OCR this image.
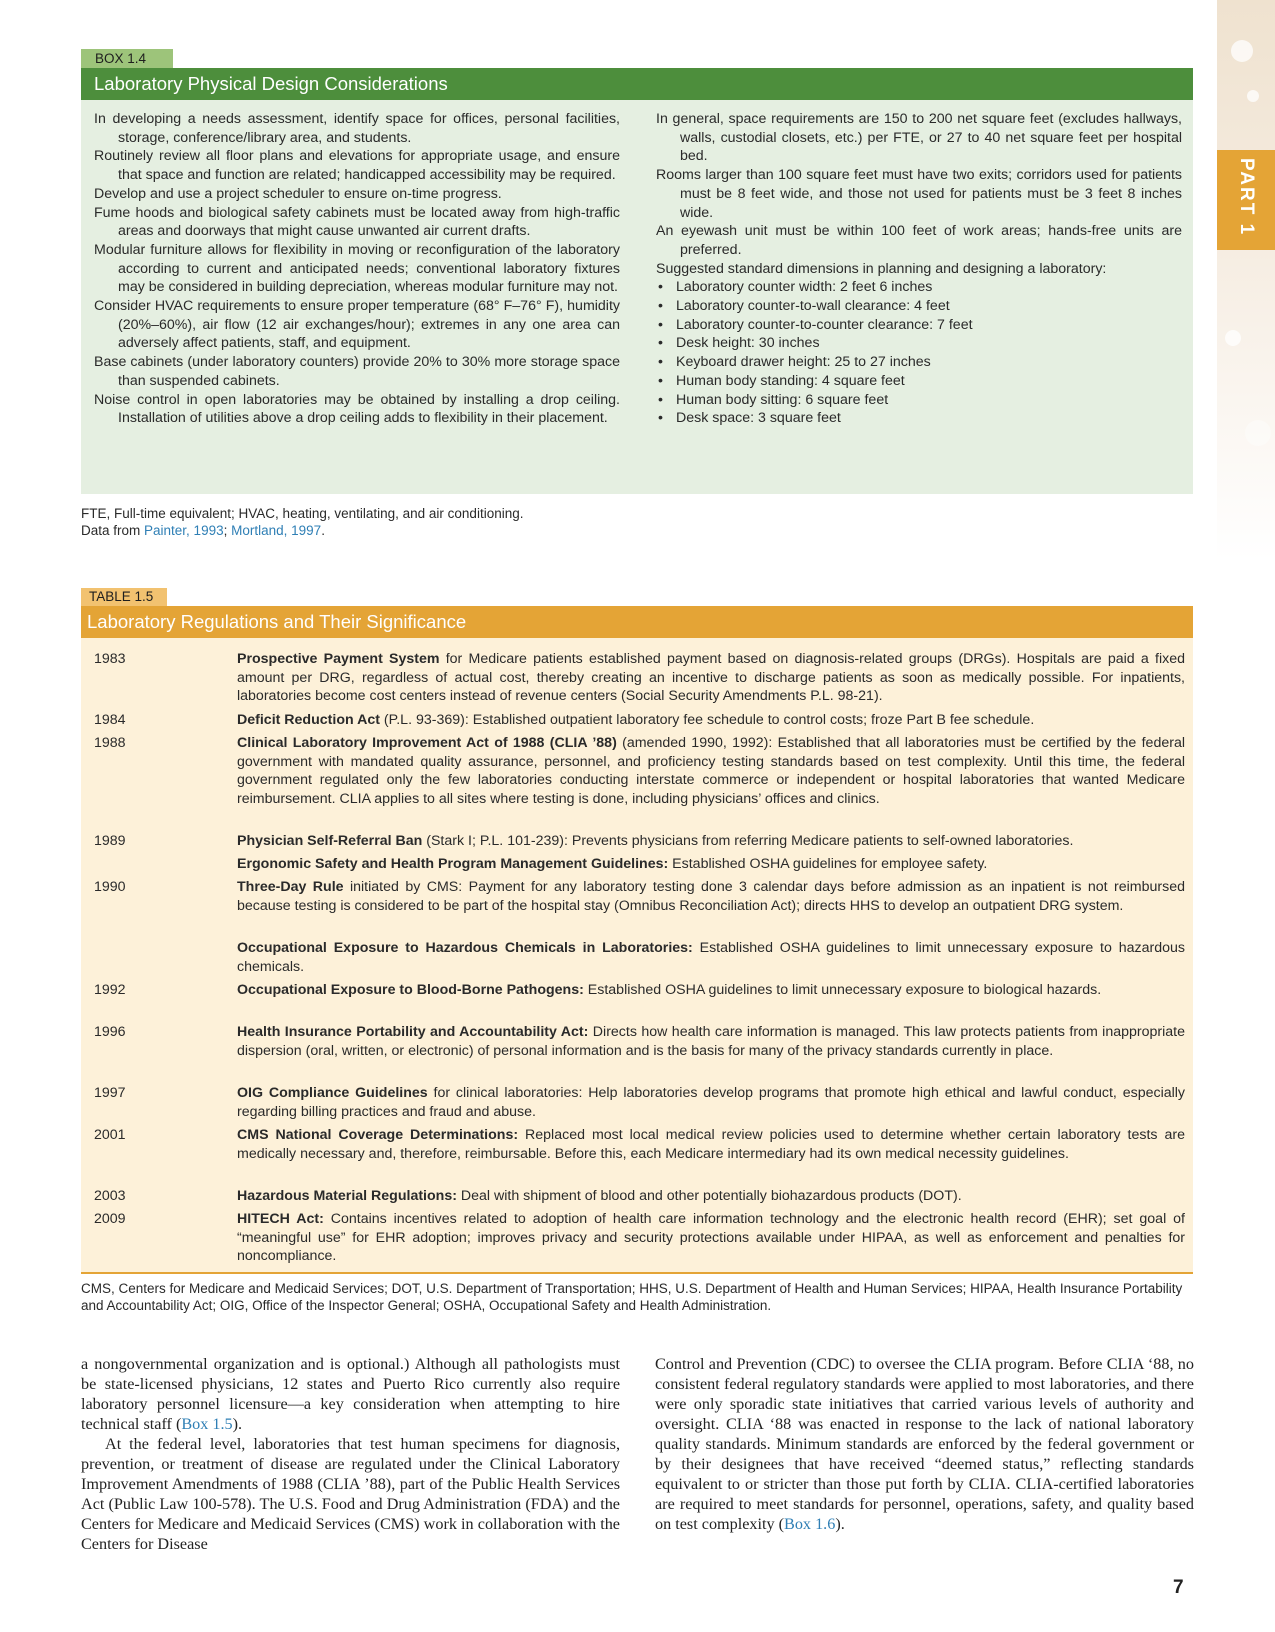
PART 1
BOX 1.4
Laboratory Physical Design Considerations

In developing a needs assessment, identify space for offices, personal facilities, storage, conference/library area, and students.

Routinely review all floor plans and elevations for appropriate usage, and ensure that space and function are related; handicapped accessibility may be required.

Develop and use a project scheduler to ensure on-time progress.

Fume hoods and biological safety cabinets must be located away from high-traffic areas and doorways that might cause unwanted air current drafts.

Modular furniture allows for flexibility in moving or reconfiguration of the laboratory according to current and anticipated needs; conventional laboratory fixtures may be considered in building depreciation, whereas modular furniture may not.

Consider HVAC requirements to ensure proper temperature (68° F–76° F), humidity (20%–60%), air flow (12 air exchanges/hour); extremes in any one area can adversely affect patients, staff, and equipment.

Base cabinets (under laboratory counters) provide 20% to 30% more storage space than suspended cabinets.

Noise control in open laboratories may be obtained by installing a drop ceiling. Installation of utilities above a drop ceiling adds to flexibility in their placement.

In general, space requirements are 150 to 200 net square feet (excludes hallways, walls, custodial closets, etc.) per FTE, or 27 to 40 net square feet per hospital bed.

Rooms larger than 100 square feet must have two exits; corridors used for patients must be 8 feet wide, and those not used for patients must be 3 feet 8 inches wide.

An eyewash unit must be within 100 feet of work areas; hands-free units are preferred.

Suggested standard dimensions in planning and designing a laboratory:

• Laboratory counter width: 2 feet 6 inches

• Laboratory counter-to-wall clearance: 4 feet

• Laboratory counter-to-counter clearance: 7 feet

• Desk height: 30 inches

• Keyboard drawer height: 25 to 27 inches

• Human body standing: 4 square feet

• Human body sitting: 6 square feet

• Desk space: 3 square feet

FTE, Full-time equivalent; HVAC, heating, ventilating, and air conditioning.
Data from Painter, 1993; Mortland, 1997.
TABLE 1.5
Laboratory Regulations and Their Significance
1983	Prospective Payment System for Medicare patients established payment based on diagnosis-related groups (DRGs). Hospitals are paid a fixed amount per DRG, regardless of actual cost, thereby creating an incentive to discharge patients as soon as medically possible. For inpatients, laboratories become cost centers instead of revenue centers (Social Security Amendments P.L. 98-21).
1984	Deficit Reduction Act (P.L. 93-369): Established outpatient laboratory fee schedule to control costs; froze Part B fee schedule.
1988	Clinical Laboratory Improvement Act of 1988 (CLIA ’88) (amended 1990, 1992): Established that all laboratories must be certified by the federal government with mandated quality assurance, personnel, and proficiency testing standards based on test complexity. Until this time, the federal government regulated only the few laboratories conducting interstate commerce or independent or hospital laboratories that wanted Medicare reimbursement. CLIA applies to all sites where testing is done, including physicians’ offices and clinics.
1989	Physician Self-Referral Ban (Stark I; P.L. 101-239): Prevents physicians from referring Medicare patients to self-owned laboratories.
Ergonomic Safety and Health Program Management Guidelines: Established OSHA guidelines for employee safety.
1990	Three-Day Rule initiated by CMS: Payment for any laboratory testing done 3 calendar days before admission as an inpatient is not reimbursed because testing is considered to be part of the hospital stay (Omnibus Reconciliation Act); directs HHS to develop an outpatient DRG system.
Occupational Exposure to Hazardous Chemicals in Laboratories: Established OSHA guidelines to limit unnecessary exposure to hazardous chemicals.
1992	Occupational Exposure to Blood-Borne Pathogens: Established OSHA guidelines to limit unnecessary exposure to biological hazards.
1996	Health Insurance Portability and Accountability Act: Directs how health care information is managed. This law protects patients from inappropriate dispersion (oral, written, or electronic) of personal information and is the basis for many of the privacy standards currently in place.
1997	OIG Compliance Guidelines for clinical laboratories: Help laboratories develop programs that promote high ethical and lawful conduct, especially regarding billing practices and fraud and abuse.
2001	CMS National Coverage Determinations: Replaced most local medical review policies used to determine whether certain laboratory tests are medically necessary and, therefore, reimbursable. Before this, each Medicare intermediary had its own medical necessity guidelines.
2003	Hazardous Material Regulations: Deal with shipment of blood and other potentially biohazardous products (DOT).
2009	HITECH Act: Contains incentives related to adoption of health care information technology and the electronic health record (EHR); set goal of “meaningful use” for EHR adoption; improves privacy and security protections available under HIPAA, as well as enforcement and penalties for noncompliance.
CMS, Centers for Medicare and Medicaid Services; DOT, U.S. Department of Transportation; HHS, U.S. Department of Health and Human Services; HIPAA, Health Insurance Portability and Accountability Act; OIG, Office of the Inspector General; OSHA, Occupational Safety and Health Administration.

a nongovernmental organization and is optional.) Although all pathologists must be state-licensed physicians, 12 states and Puerto Rico currently also require laboratory personnel licensure—a key consideration when attempting to hire technical staff (Box 1.5).

At the federal level, laboratories that test human specimens for diagnosis, prevention, or treatment of disease are regulated under the Clinical Laboratory Improvement Amendments of 1988 (CLIA ’88), part of the Public Health Services Act (Public Law 100-578). The U.S. Food and Drug Administration (FDA) and the Centers for Medicare and Medicaid Services (CMS) work in collaboration with the Centers for Disease

Control and Prevention (CDC) to oversee the CLIA program. Before CLIA ‘88, no consistent federal regulatory standards were applied to most laboratories, and there were only sporadic state initiatives that carried various levels of authority and oversight. CLIA ‘88 was enacted in response to the lack of national laboratory quality standards. Minimum standards are enforced by the federal government or by their designees that have received “deemed status,” reflecting standards equivalent to or stricter than those put forth by CLIA. CLIA-certified laboratories are required to meet standards for personnel, operations, safety, and quality based on test complexity (Box 1.6).

7
